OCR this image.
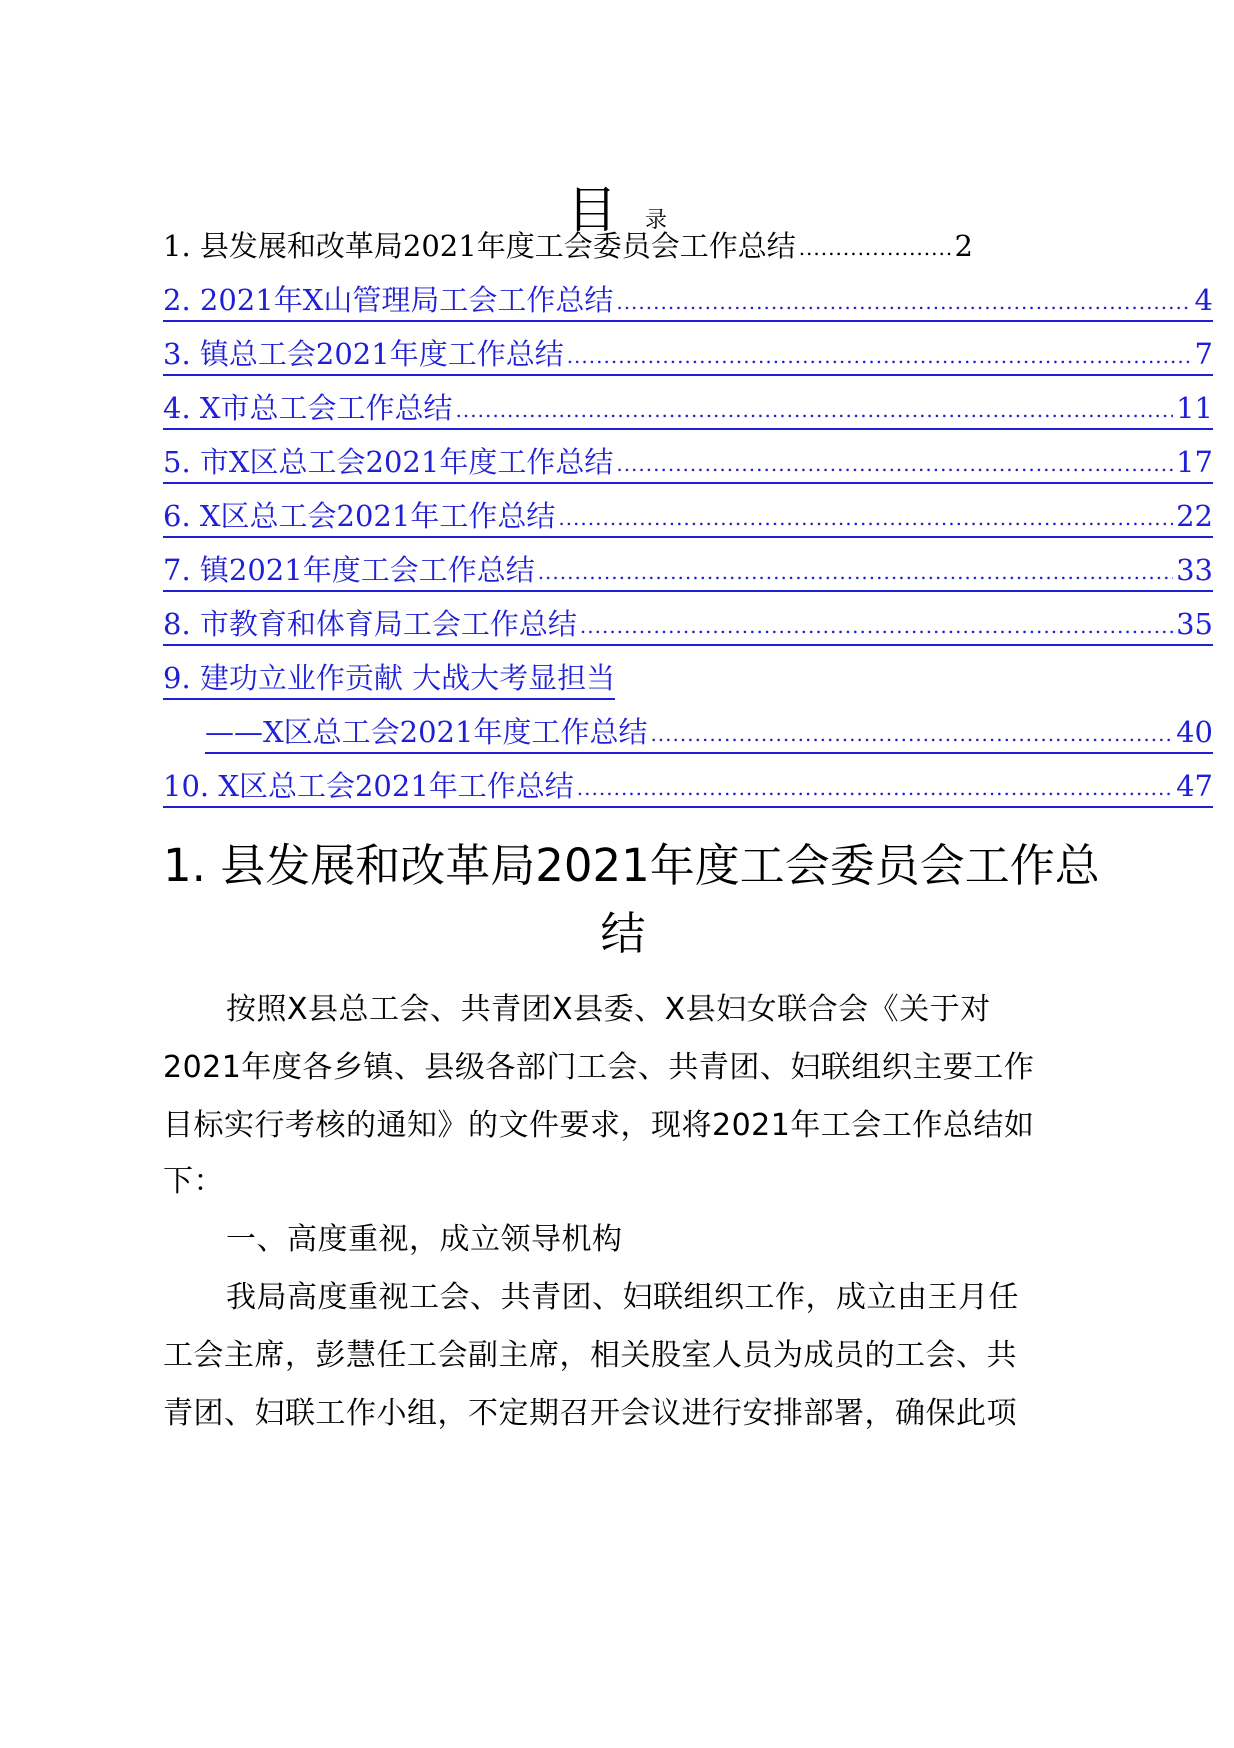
目 录
1. 县发展和改革局2021年度工会委员会工作总结 .....	2
2. 2021年X山管理局工会工作总结 .....	4
3. 镇总工会2021年度工作总结 .....	7
4. X市总工会工作总结 .....	11
5. 市X区总工会2021年度工作总结 .....	17
6. X区总工会2021年工作总结 .....	22
7. 镇2021年度工会工作总结 .....	33
8. 市教育和体育局工会工作总结 .....	35
9. 建功立业作贡献 大战大考显担当
——X区总工会2021年度工作总结 .....	40
10. X区总工会2021年工作总结 .....	47
1. 县发展和改革局2021年度工会委员会工作总
结
按照X县总工会、共青团X县委、X县妇女联合会《关于对
2021年度各乡镇、县级各部门工会、共青团、妇联组织主要工作
目标实行考核的通知》的文件要求，现将2021年工会工作总结如
下：
一、高度重视，成立领导机构
我局高度重视工会、共青团、妇联组织工作，成立由王月任
工会主席，彭慧任工会副主席，相关股室人员为成员的工会、共
青团、妇联工作小组，不定期召开会议进行安排部署，确保此项
